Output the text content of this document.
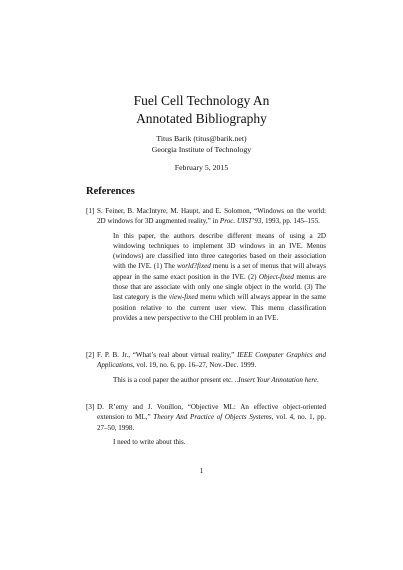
Fuel Cell Technology An
Annotated Bibliography
Titus Barik (titus@barik.net)
Georgia Institute of Technology
February 5, 2015
References
[1] S. Feiner, B. MacIntyre, M. Haupt, and E. Solomon, “Windows on the world: 2D windows for 3D augmented reality,” in Proc. UIST’93, 1993, pp. 145–155.
In this paper, the authors describe different means of using a 2D windowing techniques to implement 3D windows in an IVE. Menus (windows) are classified into three categories based on their association with the IVE. (1) The world?fixed menu is a set of menus that will always appear in the same exact position in the IVE. (2) Object-fixed menus are those that are associate with only one single object in the world. (3) The last category is the view-fixed menu which will always appear in the same position relative to the current user view. This menu classification provides a new perspective to the CHI problem in an IVE.
[2] F. P. B. Jr., “What’s real about virtual reality,” IEEE Computer Graphics and Applications, vol. 19, no. 6, pp. 16–27, Nov.-Dec. 1999.
This is a cool paper the author present etc. ..Insert Your Annotation here.
[3] D. R’emy and J. Vouillon, “Objective ML: An effective object-oriented extension to ML,” Theory And Practice of Objects Systems, vol. 4, no. 1, pp. 27–50, 1998.
I need to write about this.
1
